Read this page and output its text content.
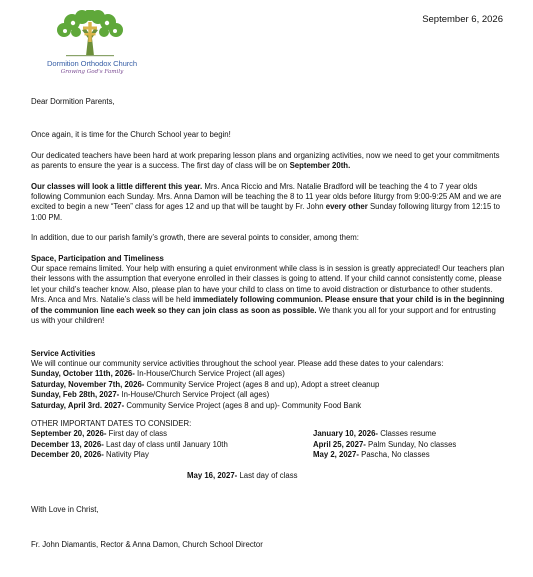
Dormition Orthodox Church
Growing God's Family
September 6, 2026

Dear Dormition Parents,

Once again, it is time for the Church School year to begin!

Our dedicated teachers have been hard at work preparing lesson plans and organizing activities, now we need to get your commitments as parents to ensure the year is a success. The first day of class will be on September 20th.

Our classes will look a little different this year. Mrs. Anca Riccio and Mrs. Natalie Bradford will be teaching the 4 to 7 year olds following Communion each Sunday. Mrs. Anna Damon will be teaching the 8 to 11 year olds before liturgy from 9:00-9:25 AM and we are excited to begin a new “Teen” class for ages 12 and up that will be taught by Fr. John every other Sunday following liturgy from 12:15 to 1:00 PM.

In addition, due to our parish family’s growth, there are several points to consider, among them:

Space, Participation and Timeliness

Our space remains limited. Your help with ensuring a quiet environment while class is in session is greatly appreciated! Our teachers plan their lessons with the assumption that everyone enrolled in their classes is going to attend. If your child cannot consistently come, please let your child’s teacher know. Also, please plan to have your child to class on time to avoid distraction or disturbance to other students. Mrs. Anca and Mrs. Natalie’s class will be held immediately following communion. Please ensure that your child is in the beginning of the communion line each week so they can join class as soon as possible. We thank you all for your support and for entrusting us with your children!

Service Activities

We will continue our community service activities throughout the school year. Please add these dates to your calendars:

Sunday, October 11th, 2026- In-House/Church Service Project (all ages)
Saturday, November 7th, 2026- Community Service Project (ages 8 and up), Adopt a street cleanup
Sunday, Feb 28th, 2027- In-House/Church Service Project (all ages)
Saturday, April 3rd. 2027- Community Service Project (ages 8 and up)- Community Food Bank

OTHER IMPORTANT DATES TO CONSIDER:

September 20, 2026- First day of class
December 13, 2026- Last day of class until January 10th
December 20, 2026- Nativity Play
January 10, 2026- Classes resume
April 25, 2027- Palm Sunday, No classes
May 2, 2027- Pascha, No classes
May 16, 2027- Last day of class

With Love in Christ,

Fr. John Diamantis, Rector & Anna Damon, Church School Director
